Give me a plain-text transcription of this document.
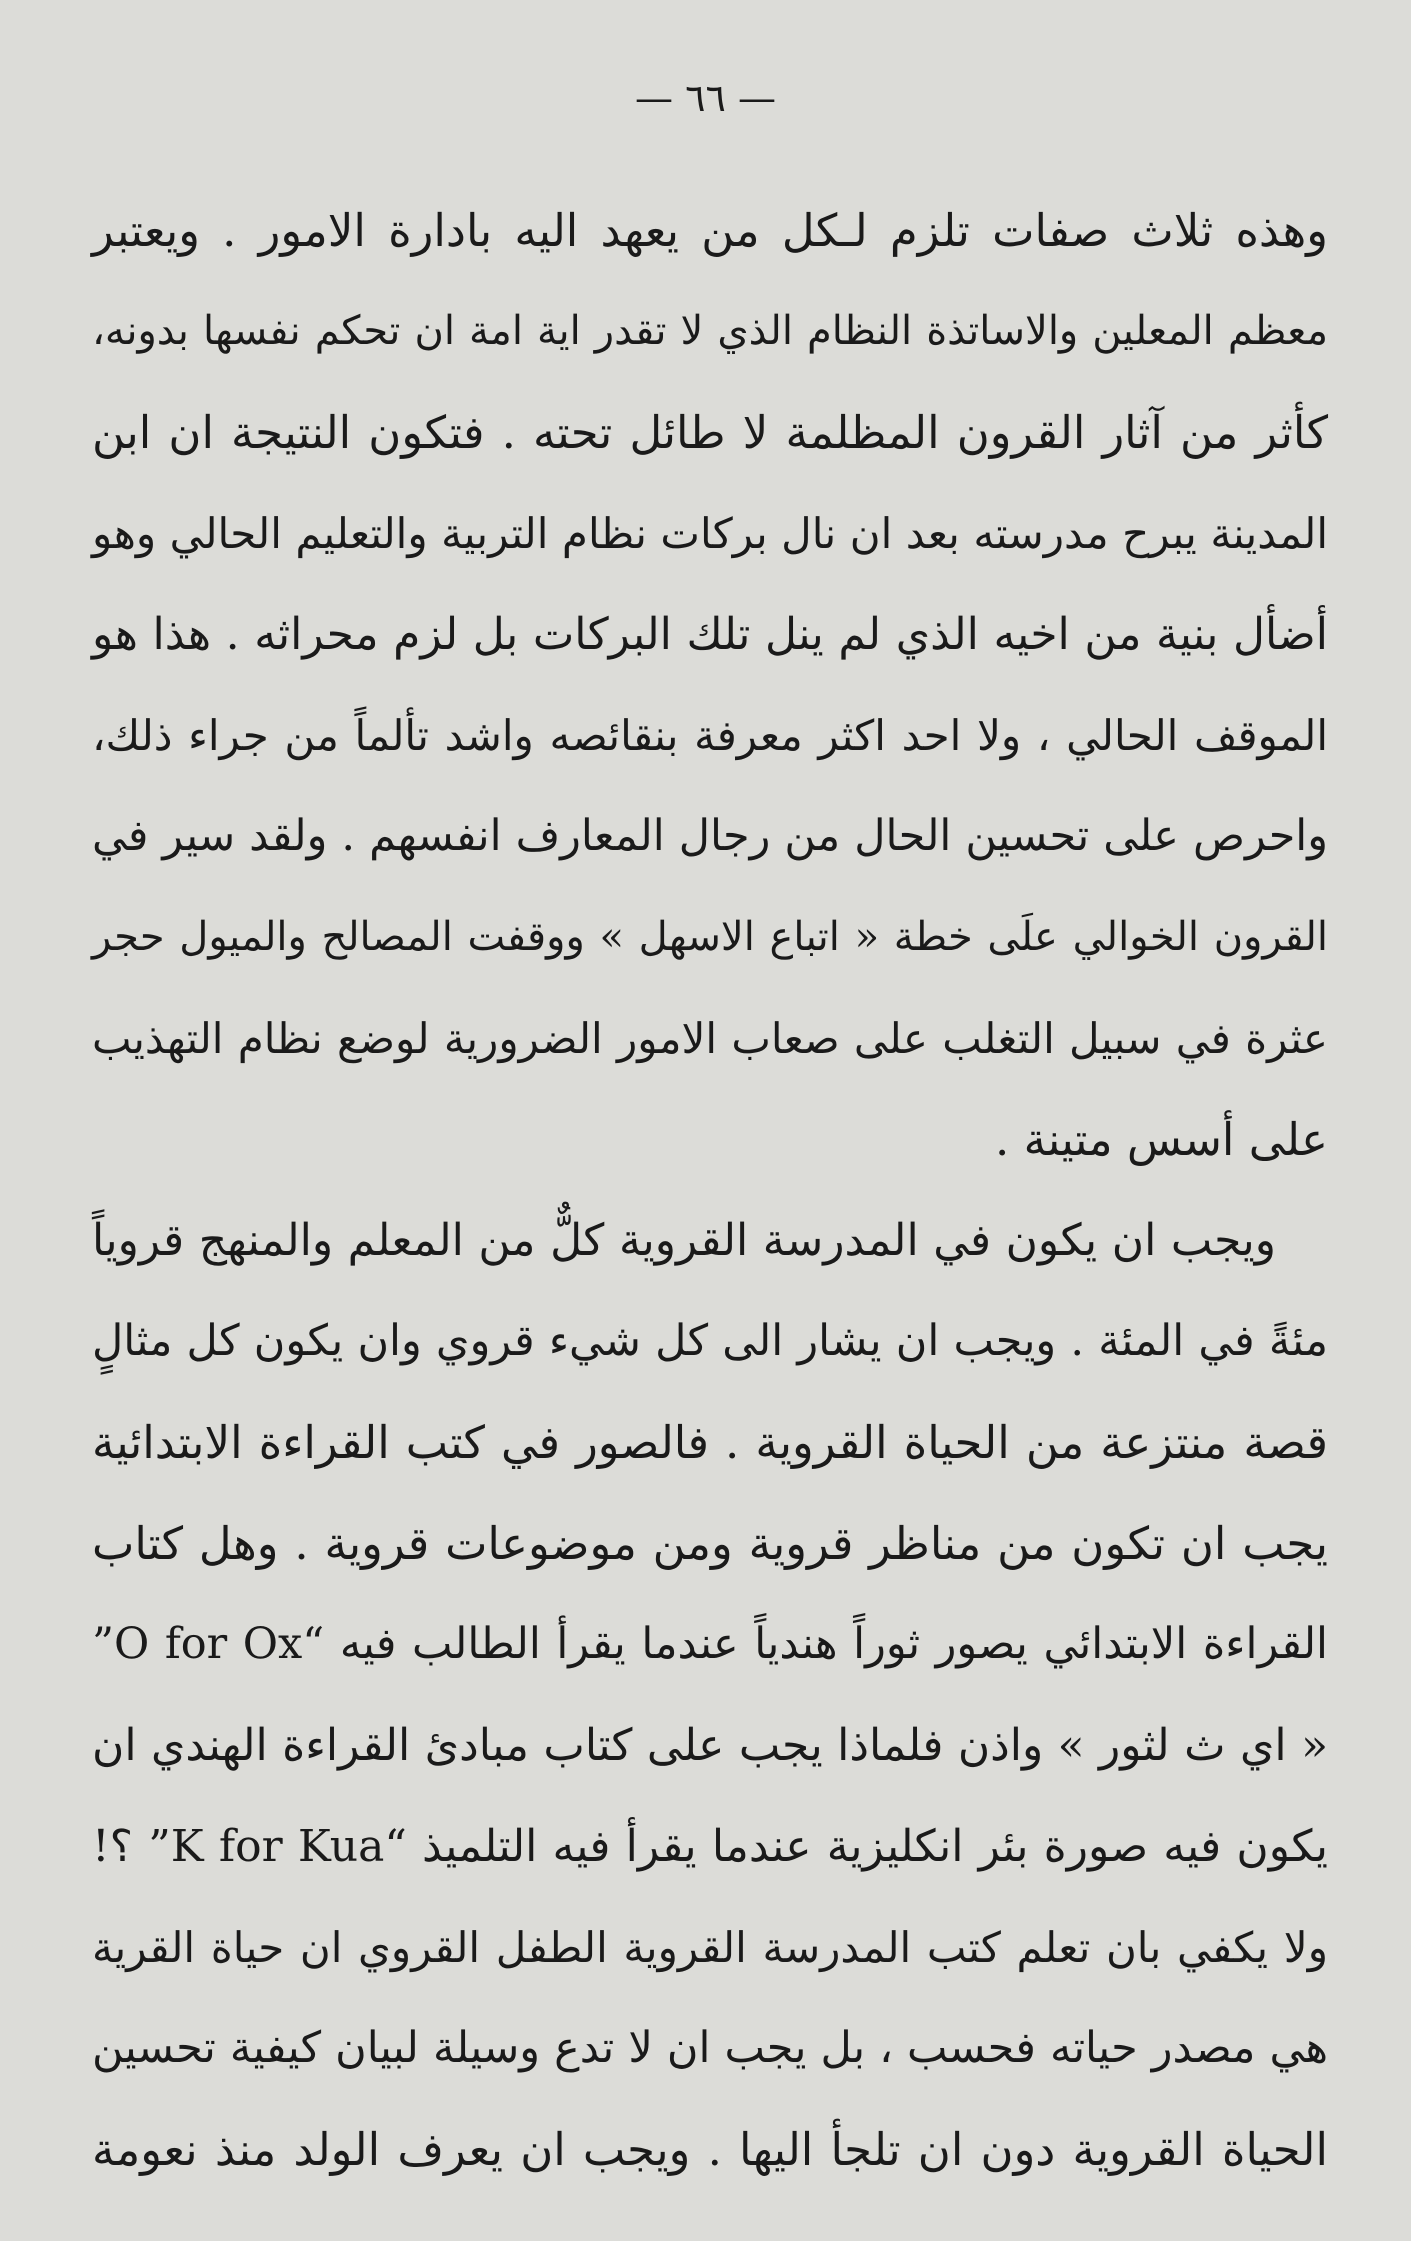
— ٦٦ —
وهذه ثلاث صفات تلزم لـكل من يعهد اليه بادارة الامور . ويعتبر
معظم المعلين والاساتذة النظام الذي لا تقدر اية امة ان تحكم نفسها بدونه،
كأثر من آثار القرون المظلمة لا طائل تحته . فتكون النتيجة ان ابن
المدينة يبرح مدرسته بعد ان نال بركات نظام التربية والتعليم الحالي وهو
أضأل بنية من اخيه الذي لم ينل تلك البركات بل لزم محراثه . هذا هو
الموقف الحالي ، ولا احد اكثر معرفة بنقائصه واشد تألماً من جراء ذلك،
واحرص على تحسين الحال من رجال المعارف انفسهم . ولقد سير في
القرون الخوالي علَى خطة « اتباع الاسهل » ووقفت المصالح والميول حجر
عثرة في سبيل التغلب على صعاب الامور الضرورية لوضع نظام التهذيب
على أسس متينة .
ويجب ان يكون في المدرسة القروية كلٌّ من المعلم والمنهج قروياً
مئةً في المئة . ويجب ان يشار الى كل شيء قروي وان يكون كل مثالٍ
قصة منتزعة من الحياة القروية . فالصور في كتب القراءة الابتدائية
يجب ان تكون من مناظر قروية ومن موضوعات قروية . وهل كتاب
القراءة الابتدائي يصور ثوراً هندياً عندما يقرأ الطالب فيه “O for Ox”
« اي ث لثور » واذن فلماذا يجب على كتاب مبادئ القراءة الهندي ان
يكون فيه صورة بئر انكليزية عندما يقرأ فيه التلميذ “K for Kua” ؟!
ولا يكفي بان تعلم كتب المدرسة القروية الطفل القروي ان حياة القرية
هي مصدر حياته فحسب ، بل يجب ان لا تدع وسيلة لبيان كيفية تحسين
الحياة القروية دون ان تلجأ اليها . ويجب ان يعرف الولد منذ نعومة
